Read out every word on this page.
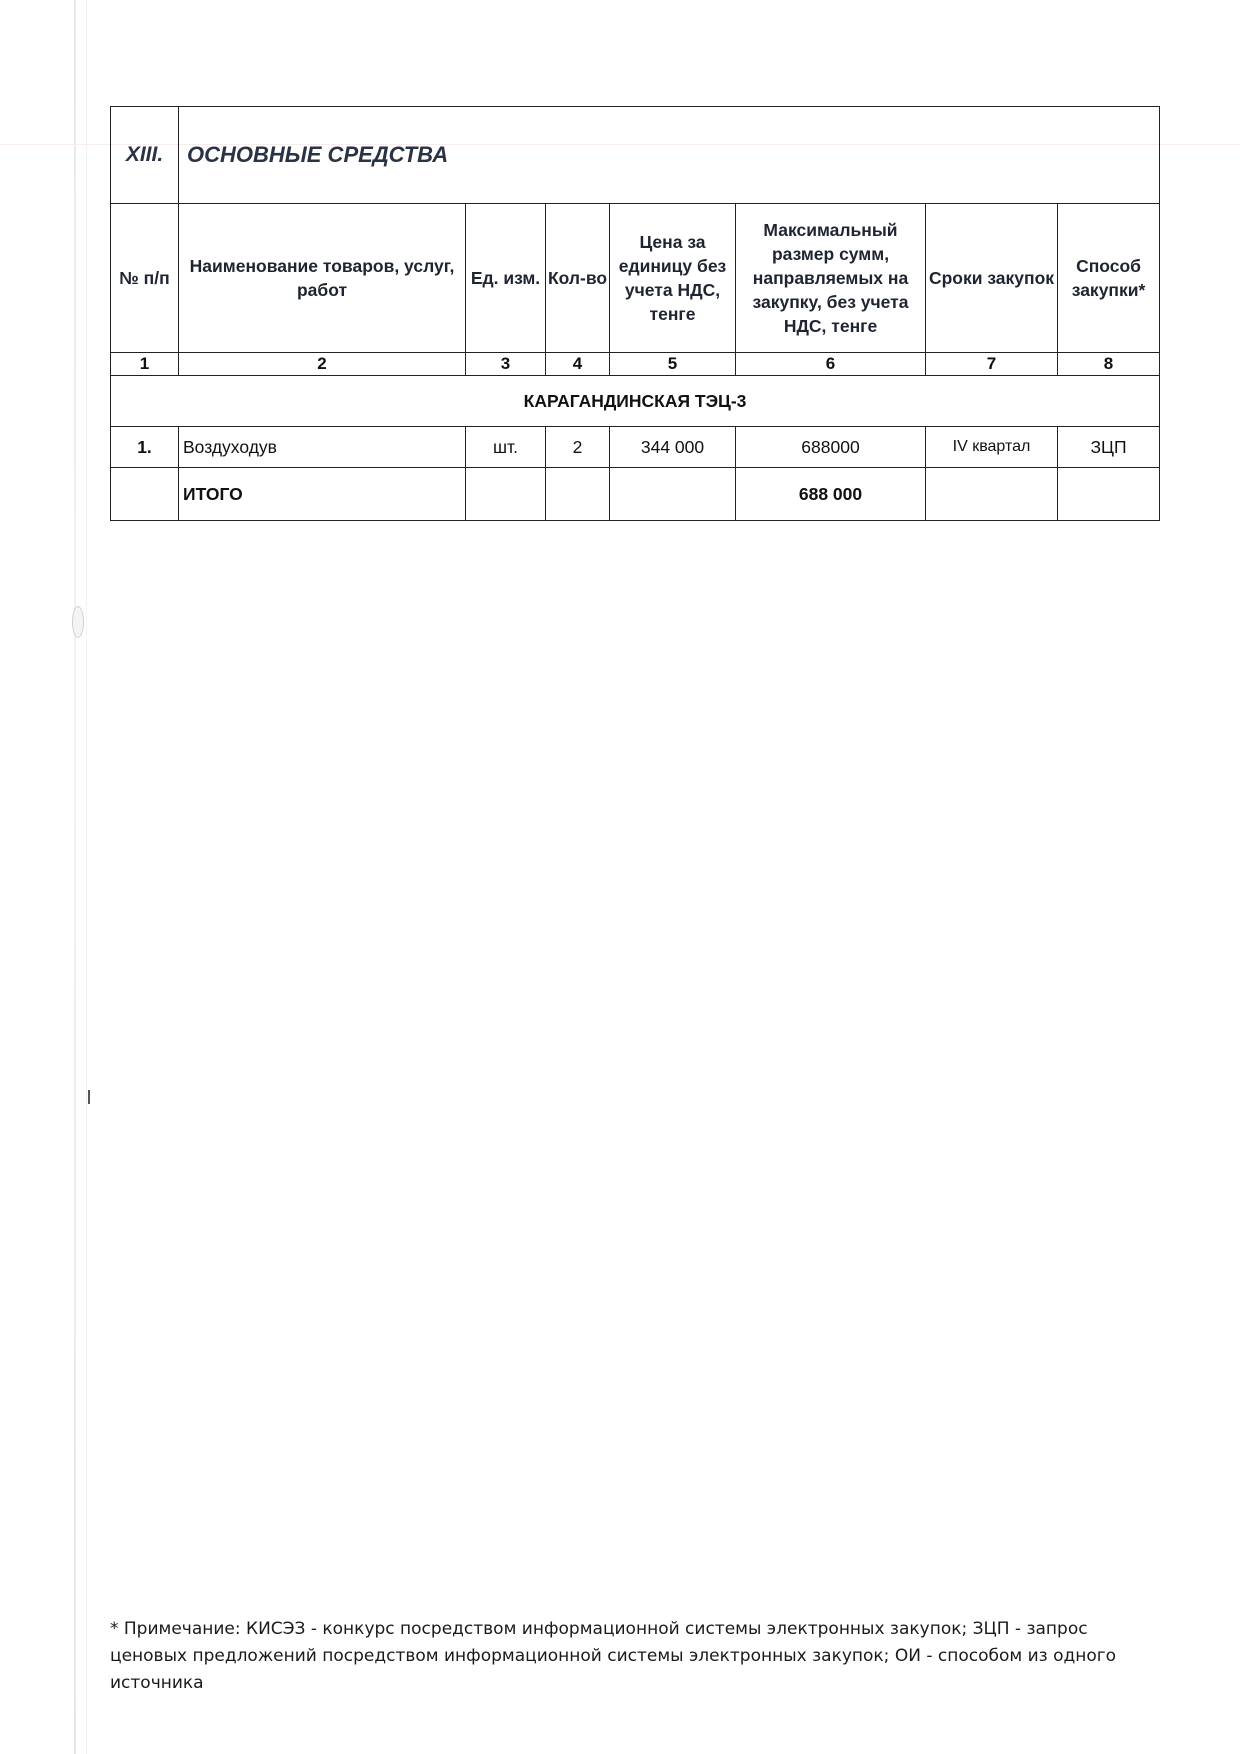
XIII.	ОСНОВНЫЕ СРЕДСТВА						
№ п/п	Наименование товаров, услуг, работ	Ед. изм.	Кол-во	Цена за единицу без учета НДС, тенге	Максимальный размер сумм, направляемых на закупку, без учета НДС, тенге	Сроки закупок	Способ закупки*
1	2	3	4	5	6	7	8
КАРАГАНДИНСКАЯ ТЭЦ-3							
1.	Воздуходув	шт.	2	344 000	688000	IV квартал	ЗЦП
	ИТОГО				688 000		
* Примечание: КИСЭЗ - конкурс посредством информационной системы электронных закупок; ЗЦП - запрос ценовых предложений посредством информационной системы электронных закупок; ОИ - способом из одного источника
